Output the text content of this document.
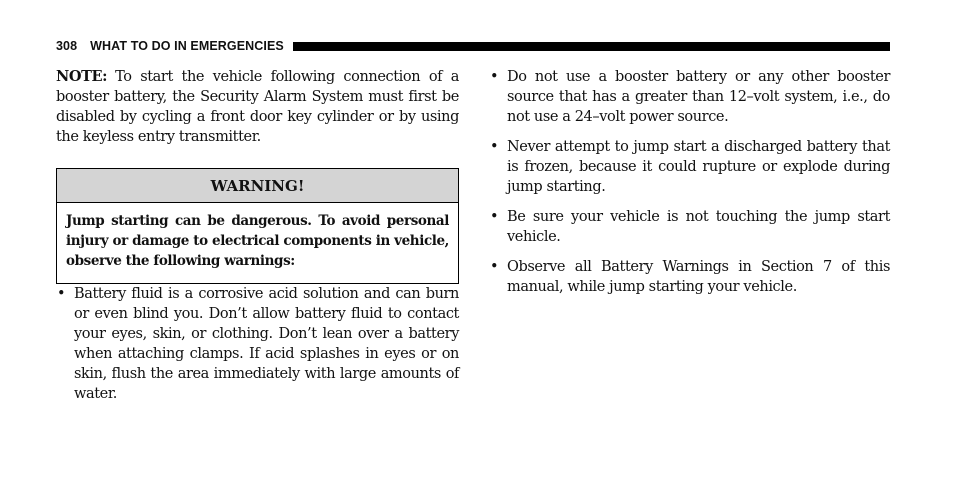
308 WHAT TO DO IN EMERGENCIES

NOTE: To start the vehicle following connection of a booster battery, the Security Alarm System must first be disabled by cycling a front door key cylinder or by using the keyless entry transmitter.

WARNING!
Jump starting can be dangerous. To avoid personal injury or damage to electrical components in vehicle, observe the following warnings:
• Battery fluid is a corrosive acid solution and can burn or even blind you. Don’t allow battery fluid to contact your eyes, skin, or clothing. Don’t lean over a battery when attaching clamps. If acid splashes in eyes or on skin, flush the area immediately with large amounts of water.
• Do not use a booster battery or any other booster source that has a greater than 12–volt system, i.e., do not use a 24–volt power source.
• Never attempt to jump start a discharged battery that is frozen, because it could rupture or explode during jump starting.
• Be sure your vehicle is not touching the jump start vehicle.
• Observe all Battery Warnings in Section 7 of this manual, while jump starting your vehicle.
